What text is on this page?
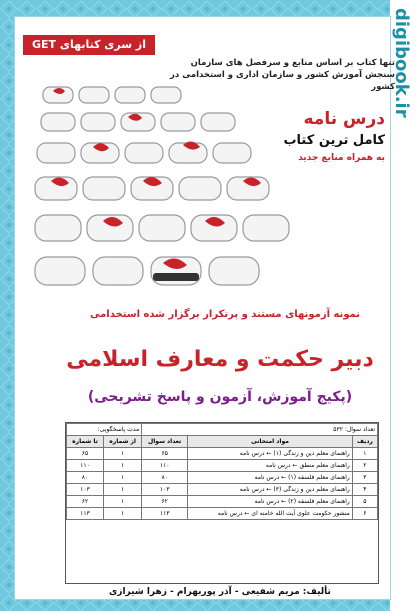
digibook.ir
از سری کتابهای GET
تنها کتاب بر اساس منابع و سرفصل های سازمان سنجش آموزش کشور و سازمان اداری و استخدامی در کشور
درس نامه
کامل ترین کتاب
به همراه منابع جدید
نمونه آزمونهای مستند و پرتکرار برگزار شده استخدامی
دبیر حکمت و معارف اسلامی
(پکیج آموزش، آزمون و پاسخ تشریحی)
تعداد سوال: ۵۳۲			مدت پاسخگویی:	
ردیف	مواد امتحانی	تعداد سوال	از شماره	تا شماره
۱	راهنمای معلم دین و زندگی (۱) ← درس نامه	۶۵	۱	۶۵
۲	راهنمای معلم منطق ← درس نامه	۱۱۰	۱	۱۱۰
۳	راهنمای معلم فلسفه (۱) ← درس نامه	۸۰	۱	۸۰
۴	راهنمای معلم دین و زندگی (۳) ← درس نامه	۱۰۳	۱	۱۰۳
۵	راهنمای معلم فلسفه (۲) ← درس نامه	۶۲	۱	۶۲
۶	منشور حکومت علوی آیت الله خامنه ای ← درس نامه	۱۱۳	۱	۱۱۳
تألیف: مریم شفیعی - آذر پوربهرام - زهرا شیرازی
